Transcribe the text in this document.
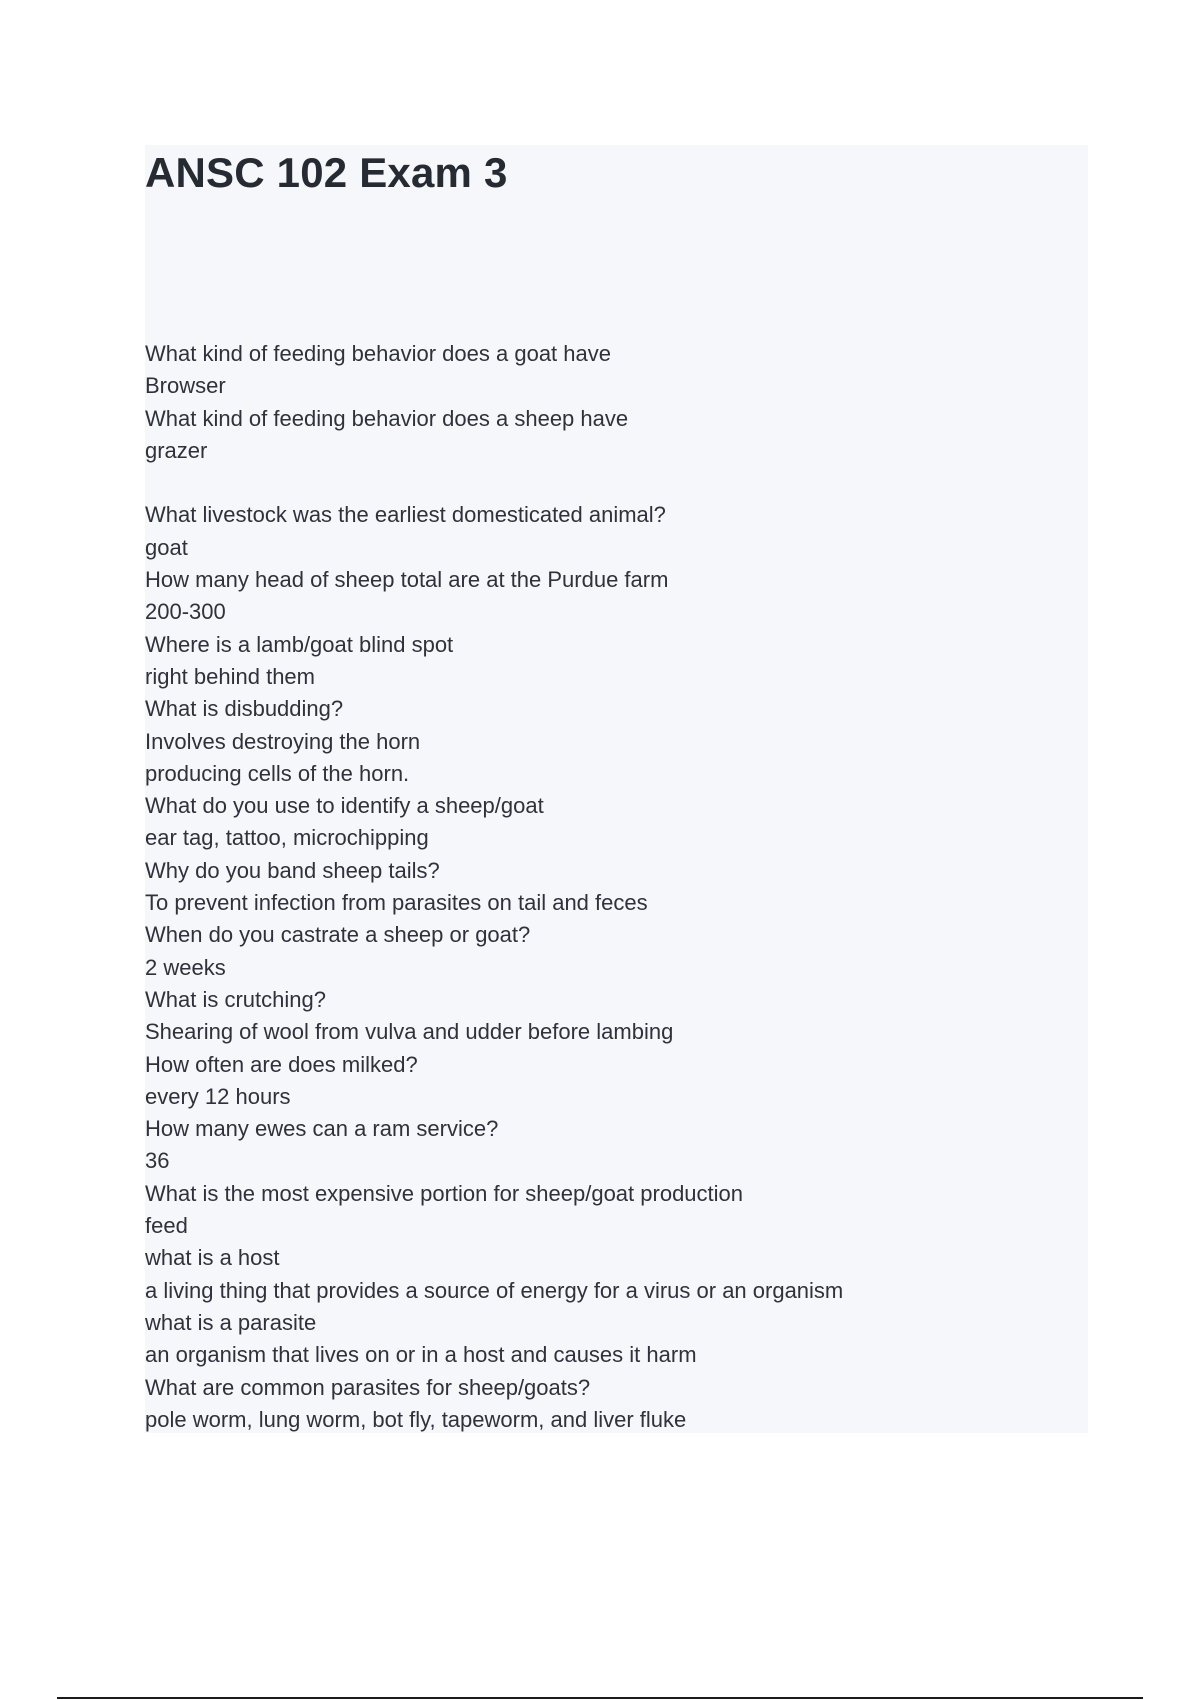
ANSC 102 Exam 3
What kind of feeding behavior does a goat have
Browser
What kind of feeding behavior does a sheep have
grazer
What livestock was the earliest domesticated animal?
goat
How many head of sheep total are at the Purdue farm
200-300
Where is a lamb/goat blind spot
right behind them
What is disbudding?
Involves destroying the horn
producing cells of the horn.
What do you use to identify a sheep/goat
ear tag, tattoo, microchipping
Why do you band sheep tails?
To prevent infection from parasites on tail and feces
When do you castrate a sheep or goat?
2 weeks
What is crutching?
Shearing of wool from vulva and udder before lambing
How often are does milked?
every 12 hours
How many ewes can a ram service?
36
What is the most expensive portion for sheep/goat production
feed
what is a host
a living thing that provides a source of energy for a virus or an organism
what is a parasite
an organism that lives on or in a host and causes it harm
What are common parasites for sheep/goats?
pole worm, lung worm, bot fly, tapeworm, and liver fluke
